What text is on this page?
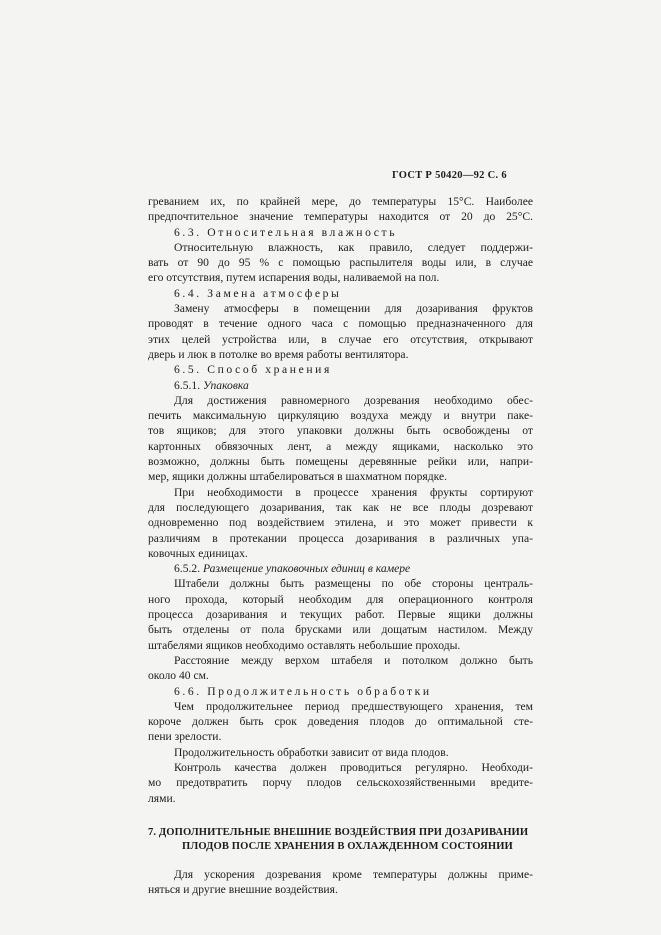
ГОСТ Р 50420—92 С. 6

греванием их, по крайней мере, до температуры 15°С. Наиболее

предпочтительное значение температуры находится от 20 до 25°С.

6.3. Относительная влажность

Относительную влажность, как правило, следует поддержи-

вать от 90 до 95 % с помощью распылителя воды или, в случае

его отсутствия, путем испарения воды, наливаемой на пол.

6.4. Замена атмосферы

Замену атмосферы в помещении для дозаривания фруктов

проводят в течение одного часа с помощью предназначенного для

этих целей устройства или, в случае его отсутствия, открывают

дверь и люк в потолке во время работы вентилятора.

6.5. Способ хранения

6.5.1. Упаковка

Для достижения равномерного дозревания необходимо обес-

печить максимальную циркуляцию воздуха между и внутри паке-

тов ящиков; для этого упаковки должны быть освобождены от

картонных обвязочных лент, а между ящиками, насколько это

возможно, должны быть помещены деревянные рейки или, напри-

мер, ящики должны штабелироваться в шахматном порядке.

При необходимости в процессе хранения фрукты сортируют

для последующего дозаривания, так как не все плоды дозревают

одновременно под воздействием этилена, и это может привести к

различиям в протекании процесса дозаривания в различных упа-

ковочных единицах.

6.5.2. Размещение упаковочных единиц в камере

Штабели должны быть размещены по обе стороны централь-

ного прохода, который необходим для операционного контроля

процесса дозаривания и текущих работ. Первые ящики должны

быть отделены от пола брусками или дощатым настилом. Между

штабелями ящиков необходимо оставлять небольшие проходы.

Расстояние между верхом штабеля и потолком должно быть

около 40 см.

6.6. Продолжительность обработки

Чем продолжительнее период предшествующего хранения, тем

короче должен быть срок доведения плодов до оптимальной сте-

пени зрелости.

Продолжительность обработки зависит от вида плодов.

Контроль качества должен проводиться регулярно. Необходи-

мо предотвратить порчу плодов сельскохозяйственными вредите-

лями.

7. ДОПОЛНИТЕЛЬНЫЕ ВНЕШНИЕ ВОЗДЕЙСТВИЯ ПРИ ДОЗАРИВАНИИ
ПЛОДОВ ПОСЛЕ ХРАНЕНИЯ В ОХЛАЖДЕННОМ СОСТОЯНИИ

Для ускорения дозревания кроме температуры должны приме-

няться и другие внешние воздействия.
